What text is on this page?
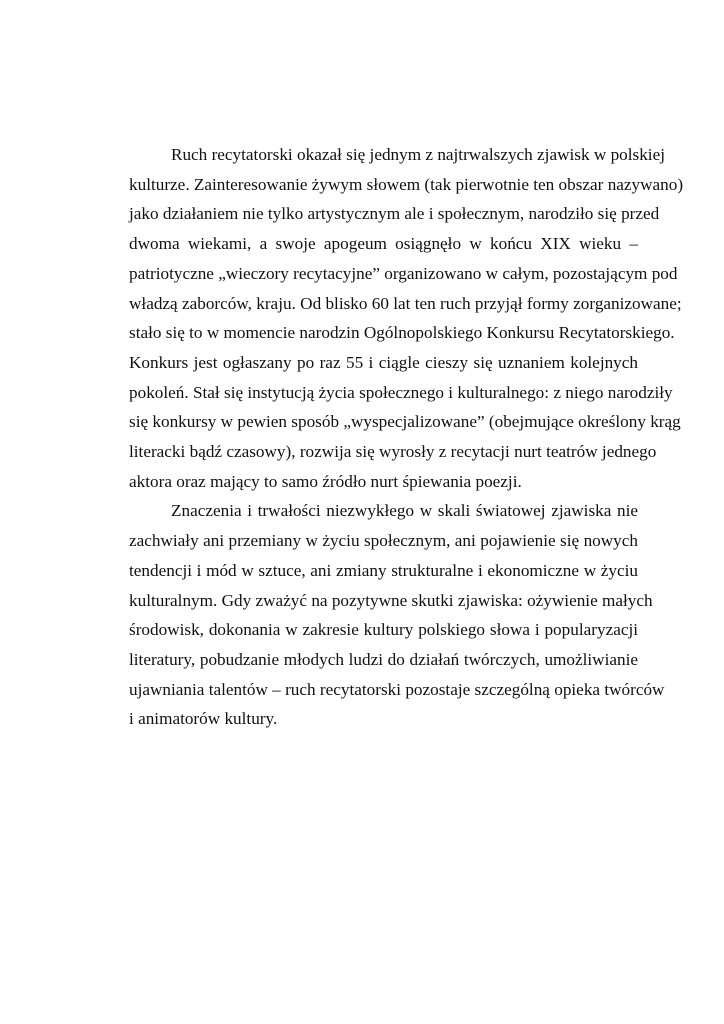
Ruch recytatorski okazał się jednym z najtrwalszych zjawisk w polskiej
kulturze. Zainteresowanie żywym słowem (tak pierwotnie ten obszar nazywano)
jako działaniem nie tylko artystycznym ale i społecznym, narodziło się przed
dwoma wiekami, a swoje apogeum osiągnęło w końcu XIX wieku –
patriotyczne „wieczory recytacyjne” organizowano w całym, pozostającym pod
władzą zaborców, kraju. Od blisko 60 lat ten ruch przyjął formy zorganizowane;
stało się to w momencie narodzin Ogólnopolskiego Konkursu Recytatorskiego.
Konkurs jest ogłaszany po raz 55 i ciągle cieszy się uznaniem kolejnych
pokoleń. Stał się instytucją życia społecznego i kulturalnego: z niego narodziły
się konkursy w pewien sposób „wyspecjalizowane” (obejmujące określony krąg
literacki bądź czasowy), rozwija się wyrosły z recytacji nurt teatrów jednego
aktora oraz mający to samo źródło nurt śpiewania poezji.
Znaczenia i trwałości niezwykłego w skali światowej zjawiska nie
zachwiały ani przemiany w życiu społecznym, ani pojawienie się nowych
tendencji i mód w sztuce, ani zmiany strukturalne i ekonomiczne w życiu
kulturalnym. Gdy zważyć na pozytywne skutki zjawiska: ożywienie małych
środowisk, dokonania w zakresie kultury polskiego słowa i popularyzacji
literatury, pobudzanie młodych ludzi do działań twórczych, umożliwianie
ujawniania talentów – ruch recytatorski pozostaje szczególną opieka twórców
i animatorów kultury.
